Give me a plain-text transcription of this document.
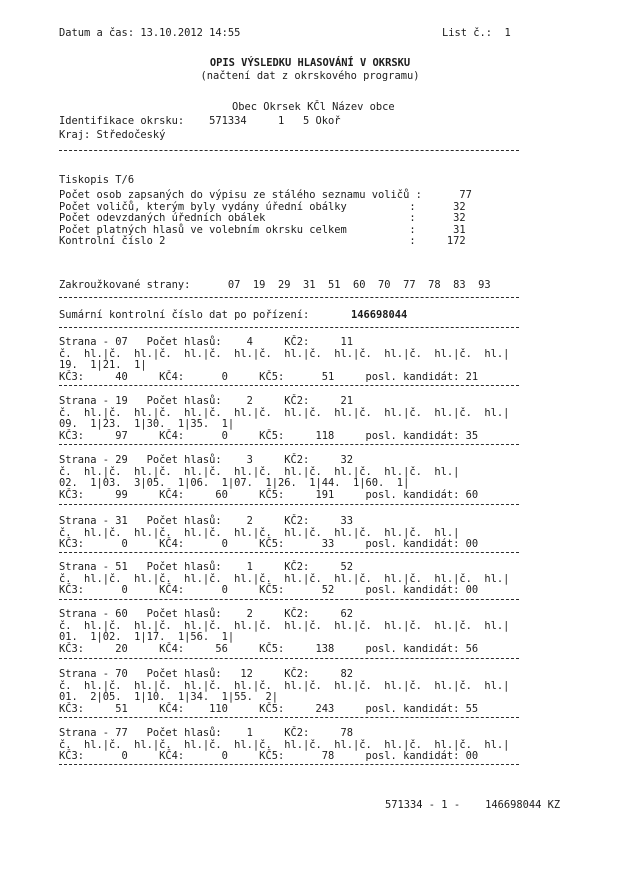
Datum a čas: 13.10.2012 14:55	List č.:  1
OPIS VÝSLEDKU HLASOVÁNÍ V OKRSKU
(načtení dat z okrskového programu)
Obec Okrsek KČl Název obce
Identifikace okrsku:    571334     1   5 Okoř
Kraj: Středočeský
Tiskopis T/6
Počet osob zapsaných do výpisu ze stálého seznamu voličů :      77
Počet voličů, kterým byly vydány úřední obálky          :      32
Počet odevzdaných úředních obálek                       :      32
Počet platných hlasů ve volebním okrsku celkem          :      31
Kontrolní číslo 2                                       :     172
Zakroužkované strany:      07  19  29  31  51  60  70  77  78  83  93
Sumární kontrolní číslo dat po pořízení:	146698044
Strana - 07   Počet hlasů:    4     KČ2:     11
č.  hl.|č.  hl.|č.  hl.|č.  hl.|č.  hl.|č.  hl.|č.  hl.|č.  hl.|č.  hl.|
19.  1|21.  1|
KČ3:     40     KČ4:      0     KČ5:      51     posl. kandidát: 21
Strana - 19   Počet hlasů:    2     KČ2:     21
č.  hl.|č.  hl.|č.  hl.|č.  hl.|č.  hl.|č.  hl.|č.  hl.|č.  hl.|č.  hl.|
09.  1|23.  1|30.  1|35.  1|
KČ3:     97     KČ4:      0     KČ5:     118     posl. kandidát: 35
Strana - 29   Počet hlasů:    3     KČ2:     32
č.  hl.|č.  hl.|č.  hl.|č.  hl.|č.  hl.|č.  hl.|č.  hl.|č.  hl.|
02.  1|03.  3|05.  1|06.  1|07.  1|26.  1|44.  1|60.  1|
KČ3:     99     KČ4:     60     KČ5:     191     posl. kandidát: 60
Strana - 31   Počet hlasů:    2     KČ2:     33
č.  hl.|č.  hl.|č.  hl.|č.  hl.|č.  hl.|č.  hl.|č.  hl.|č.  hl.|
KČ3:      0     KČ4:      0     KČ5:      33     posl. kandidát: 00
Strana - 51   Počet hlasů:    1     KČ2:     52
č.  hl.|č.  hl.|č.  hl.|č.  hl.|č.  hl.|č.  hl.|č.  hl.|č.  hl.|č.  hl.|
KČ3:      0     KČ4:      0     KČ5:      52     posl. kandidát: 00
Strana - 60   Počet hlasů:    2     KČ2:     62
č.  hl.|č.  hl.|č.  hl.|č.  hl.|č.  hl.|č.  hl.|č.  hl.|č.  hl.|č.  hl.|
01.  1|02.  1|17.  1|56.  1|
KČ3:     20     KČ4:     56     KČ5:     138     posl. kandidát: 56
Strana - 70   Počet hlasů:   12     KČ2:     82
č.  hl.|č.  hl.|č.  hl.|č.  hl.|č.  hl.|č.  hl.|č.  hl.|č.  hl.|č.  hl.|
01.  2|05.  1|10.  1|34.  1|55.  2|
KČ3:     51     KČ4:    110     KČ5:     243     posl. kandidát: 55
Strana - 77   Počet hlasů:    1     KČ2:     78
č.  hl.|č.  hl.|č.  hl.|č.  hl.|č.  hl.|č.  hl.|č.  hl.|č.  hl.|č.  hl.|
KČ3:      0     KČ4:      0     KČ5:      78     posl. kandidát: 00
571334 - 1 -    146698044 KZ
